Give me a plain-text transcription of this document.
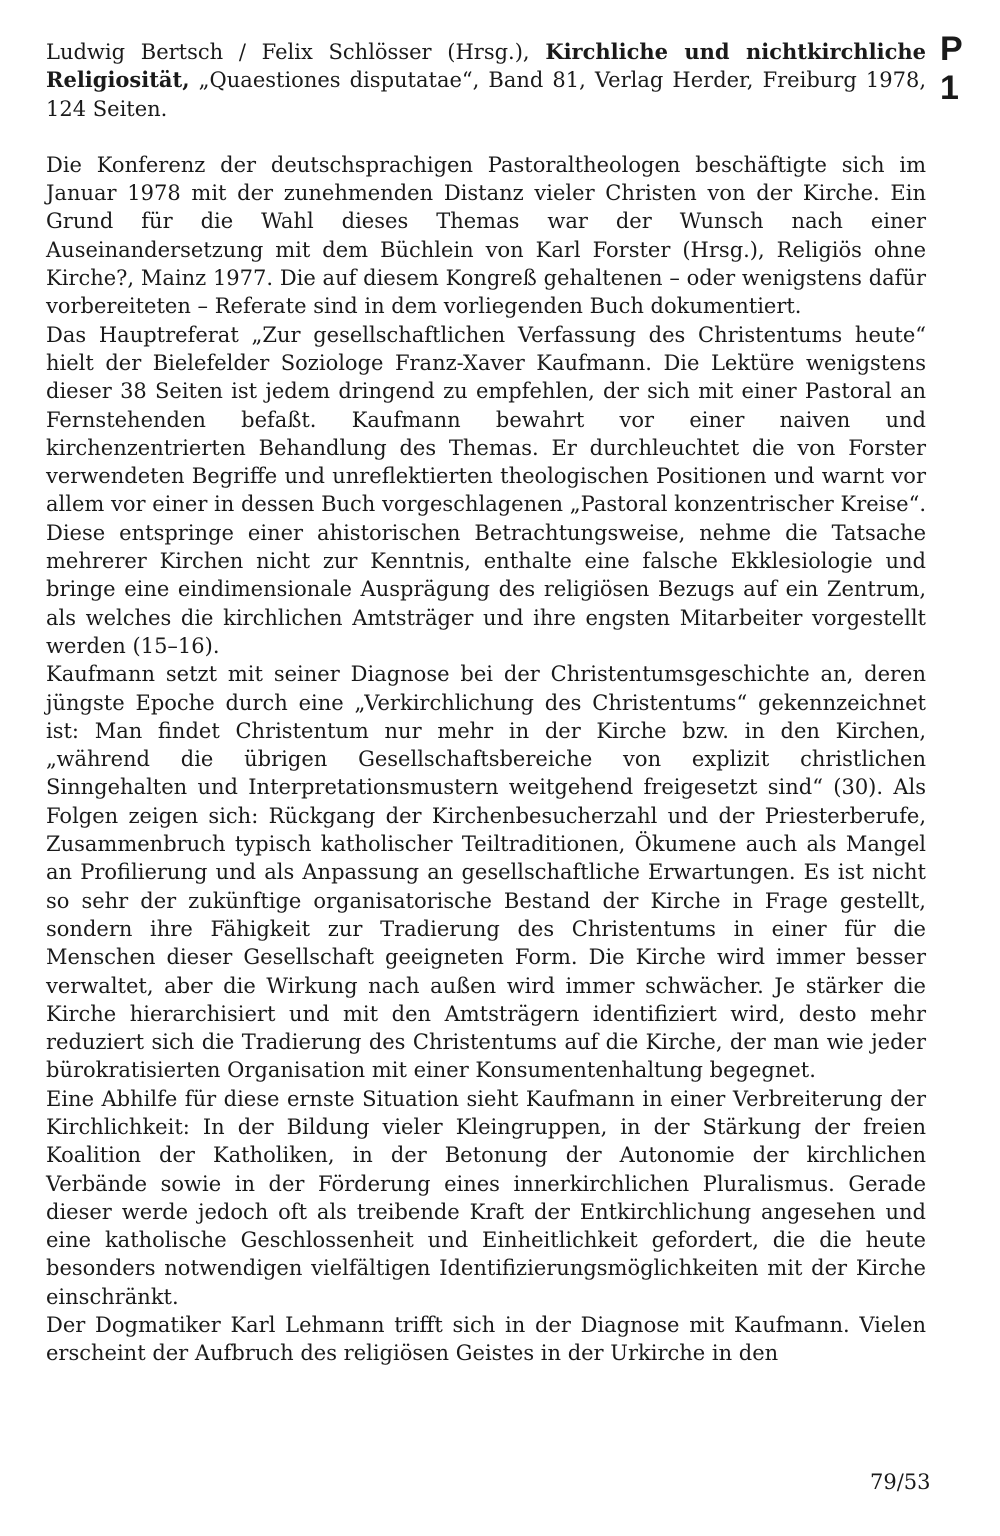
P 1

Ludwig Bertsch / Felix Schlösser (Hrsg.), Kirchliche und nichtkirchliche Religiosität, „Quaestiones disputatae“, Band 81, Verlag Herder, Freiburg 1978, 124 Seiten.

Die Konferenz der deutschsprachigen Pastoraltheologen beschäftigte sich im Januar 1978 mit der zunehmenden Distanz vieler Christen von der Kirche. Ein Grund für die Wahl dieses Themas war der Wunsch nach einer Auseinandersetzung mit dem Büchlein von Karl Forster (Hrsg.), Religiös ohne Kirche?, Mainz 1977. Die auf diesem Kongreß gehaltenen – oder wenigstens dafür vorbereiteten – Referate sind in dem vorliegenden Buch dokumentiert.

Das Hauptreferat „Zur gesellschaftlichen Verfassung des Christentums heute“ hielt der Bielefelder Soziologe Franz-Xaver Kaufmann. Die Lektüre wenigstens dieser 38 Seiten ist jedem dringend zu empfehlen, der sich mit einer Pastoral an Fernstehenden befaßt. Kaufmann bewahrt vor einer naiven und kirchenzentrierten Behandlung des Themas. Er durchleuchtet die von Forster verwendeten Begriffe und unreflektierten theologischen Positionen und warnt vor allem vor einer in dessen Buch vorgeschlagenen „Pastoral konzentrischer Kreise“. Diese entspringe einer ahistorischen Betrachtungsweise, nehme die Tatsache mehrerer Kirchen nicht zur Kenntnis, enthalte eine falsche Ekklesiologie und bringe eine eindimensionale Ausprägung des religiösen Bezugs auf ein Zentrum, als welches die kirchlichen Amtsträger und ihre engsten Mitarbeiter vorgestellt werden (15–16).

Kaufmann setzt mit seiner Diagnose bei der Christentumsgeschichte an, deren jüngste Epoche durch eine „Verkirchlichung des Christentums“ gekennzeichnet ist: Man findet Christentum nur mehr in der Kirche bzw. in den Kirchen, „während die übrigen Gesellschaftsbereiche von explizit christlichen Sinngehalten und Interpretationsmustern weitgehend freigesetzt sind“ (30). Als Folgen zeigen sich: Rückgang der Kirchenbesucherzahl und der Priesterberufe, Zusammenbruch typisch katholischer Teiltraditionen, Ökumene auch als Mangel an Profilierung und als Anpassung an gesellschaftliche Erwartungen. Es ist nicht so sehr der zukünftige organisatorische Bestand der Kirche in Frage gestellt, sondern ihre Fähigkeit zur Tradierung des Christentums in einer für die Menschen dieser Gesellschaft geeigneten Form. Die Kirche wird immer besser verwaltet, aber die Wirkung nach außen wird immer schwächer. Je stärker die Kirche hierarchisiert und mit den Amtsträgern identifiziert wird, desto mehr reduziert sich die Tradierung des Christentums auf die Kirche, der man wie jeder bürokratisierten Organisation mit einer Konsumentenhaltung begegnet.

Eine Abhilfe für diese ernste Situation sieht Kaufmann in einer Verbreiterung der Kirchlichkeit: In der Bildung vieler Kleingruppen, in der Stärkung der freien Koalition der Katholiken, in der Betonung der Autonomie der kirchlichen Verbände sowie in der Förderung eines innerkirchlichen Pluralismus. Gerade dieser werde jedoch oft als treibende Kraft der Entkirchlichung angesehen und eine katholische Geschlossenheit und Einheitlichkeit gefordert, die die heute besonders notwendigen vielfältigen Identifizierungsmöglichkeiten mit der Kirche einschränkt.

Der Dogmatiker Karl Lehmann trifft sich in der Diagnose mit Kaufmann. Vielen erscheint der Aufbruch des religiösen Geistes in der Urkirche in den

79/53
